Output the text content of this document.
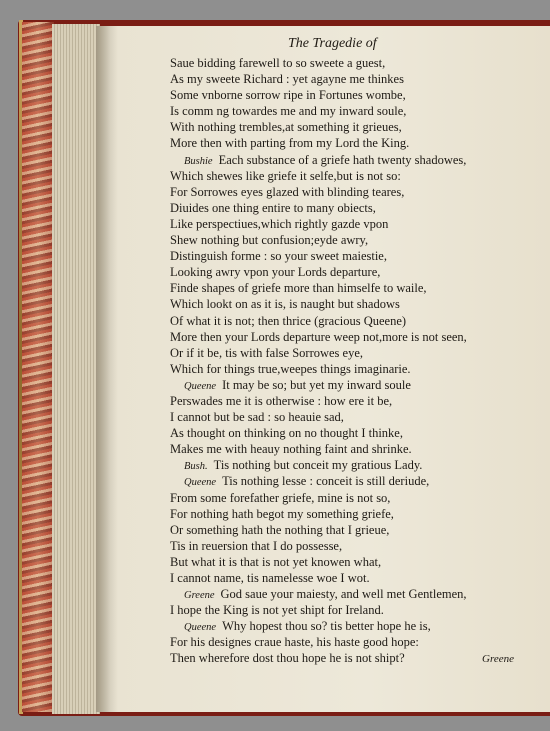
The Tragedie of
Saue bidding farewell to so sweete a guest,
As my sweete Richard : yet agayne me thinkes
Some vnborne sorrow ripe in Fortunes wombe,
Is comm ng towardes me and my inward soule,
With nothing trembles,at something it grieues,
More then with parting from my Lord the King.
Bushie Each substance of a griefe hath twenty shadowes,
Which shewes like griefe it selfe,but is not so:
For Sorrowes eyes glazed with blinding teares,
Diuides one thing entire to many obiects,
Like perspectiues,which rightly gazde vpon
Shew nothing but confusion;eyde awry,
Distinguish forme : so your sweet maiestie,
Looking awry vpon your Lords departure,
Finde shapes of griefe more than himselfe to waile,
Which lookt on as it is, is naught but shadows
Of what it is not; then thrice (gracious Queene)
More then your Lords departure weep not,more is not seen,
Or if it be, tis with false Sorrowes eye,
Which for things true,weepes things imaginarie.
Queene It may be so; but yet my inward soule
Perswades me it is otherwise : how ere it be,
I cannot but be sad : so heauie sad,
As thought on thinking on no thought I thinke,
Makes me with heauy nothing faint and shrinke.
Bush. Tis nothing but conceit my gratious Lady.
Queene Tis nothing lesse : conceit is still deriude,
From some forefather griefe, mine is not so,
For nothing hath begot my something griefe,
Or something hath the nothing that I grieue,
Tis in reuersion that I do possesse,
But what it is that is not yet knowen what,
I cannot name, tis namelesse woe I wot.
Greene God saue your maiesty, and well met Gentlemen,
I hope the King is not yet shipt for Ireland.
Queene Why hopest thou so? tis better hope he is,
For his designes craue haste, his haste good hope:
Then wherefore dost thou hope he is not shipt?	Greene
